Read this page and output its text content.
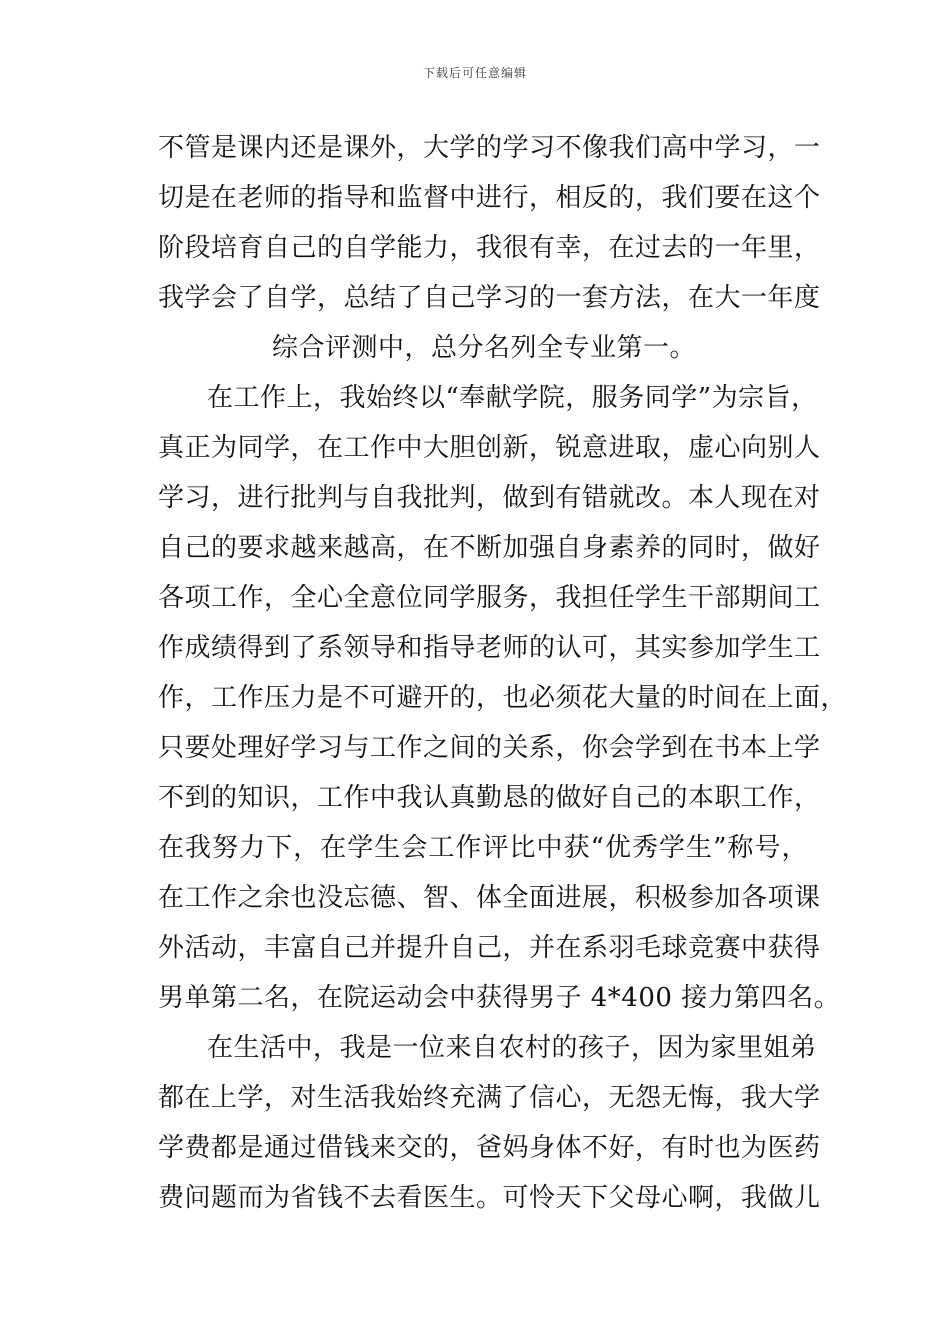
下载后可任意编辑
不管是课内还是课外，大学的学习不像我们高中学习，一
切是在老师的指导和监督中进行，相反的，我们要在这个
阶段培育自己的自学能力，我很有幸，在过去的一年里，
我学会了自学，总结了自己学习的一套方法，在大一年度
综合评测中，总分名列全专业第一。
在工作上，我始终以“奉献学院，服务同学”为宗旨，
真正为同学，在工作中大胆创新，锐意进取，虚心向别人
学习，进行批判与自我批判，做到有错就改。本人现在对
自己的要求越来越高，在不断加强自身素养的同时，做好
各项工作，全心全意位同学服务，我担任学生干部期间工
作成绩得到了系领导和指导老师的认可，其实参加学生工
作，工作压力是不可避开的，也必须花大量的时间在上面，
只要处理好学习与工作之间的关系，你会学到在书本上学
不到的知识，工作中我认真勤恳的做好自己的本职工作，
在我努力下，在学生会工作评比中获“优秀学生”称号，
在工作之余也没忘德、智、体全面进展，积极参加各项课
外活动，丰富自己并提升自己，并在系羽毛球竞赛中获得
男单第二名，在院运动会中获得男子 4*400 接力第四名。
在生活中，我是一位来自农村的孩子，因为家里姐弟
都在上学，对生活我始终充满了信心，无怨无悔，我大学
学费都是通过借钱来交的，爸妈身体不好，有时也为医药
费问题而为省钱不去看医生。可怜天下父母心啊，我做儿
